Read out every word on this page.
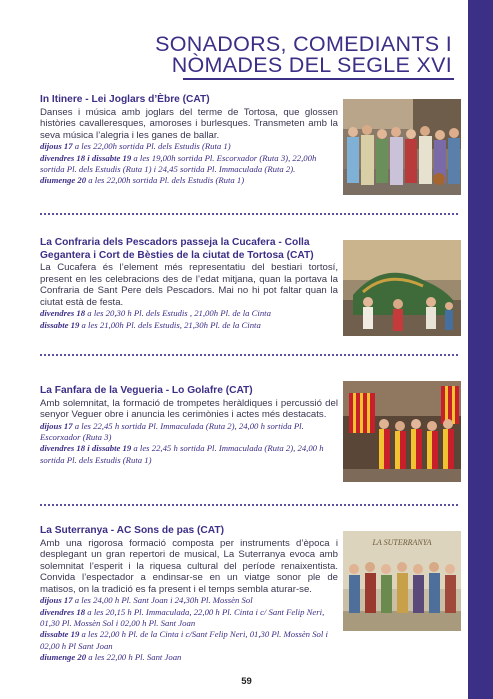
SONADORS, COMEDIANTS I
NÒMADES DEL SEGLE XVI
In Itinere - Lei Joglars d’Èbre (CAT)
Danses i música amb joglars del terme de Tortosa, que glossen històries cavalleresques, amoroses i burlesques. Transmeten amb la seva música l’alegria i les ganes de ballar.
dijous 17 a les 22,00h sortida Pl. dels Estudis (Ruta 1)
divendres 18 i dissabte 19 a les 19,00h sortida Pl. Escorxador (Ruta 3), 22,00h sortida Pl. dels Estudis (Ruta 1) i 24,45 sortida Pl. Immaculada (Ruta 2).
diumenge 20 a les 22,00h sortida Pl. dels Estudis (Ruta 1)
La Confraria dels Pescadors passeja la Cucafera - Colla Gegantera i Cort de Bèsties de la ciutat de Tortosa (CAT)
La Cucafera és l’element més representatiu del bestiari tortosí, present en les celebracions des de l’edat mitjana, quan la portava la Confraria de Sant Pere dels Pescadors. Mai no hi pot faltar quan la ciutat està de festa.
divendres 18 a les 20,30 h Pl. dels Estudis , 21,00h Pl. de la Cinta
dissabte 19 a les 21,00h Pl. dels Estudis, 21,30h Pl. de la Cinta
La Fanfara de la Vegueria - Lo Golafre (CAT)
Amb solemnitat, la formació de trompetes heràldiques i percussió del senyor Veguer obre i anuncia les cerimònies i actes més destacats.
dijous 17 a les 22,45 h sortida Pl. Immaculada (Ruta 2), 24,00 h sortida Pl. Escorxador (Ruta 3)
divendres 18 i dissabte 19 a les 22,45 h sortida Pl. Immaculada (Ruta 2), 24,00 h sortida Pl. dels Estudis (Ruta 1)
La Suterranya - AC Sons de pas (CAT)
Amb una rigorosa formació composta per instruments d’època i desplegant un gran repertori de musical, La Suterranya evoca amb solemnitat l’esperit i la riquesa cultural del període renaixentista. Convida l’espectador a endinsar-se en un viatge sonor ple de matisos, on la tradició es fa present i el temps sembla aturar-se.
dijous 17 a les 24,00 h Pl. Sant Joan i 24,30h Pl. Mossèn Sol
divendres 18 a les 20,15 h Pl. Immaculada, 22,00 h Pl. Cinta i c/ Sant Felip Neri, 01,30 Pl. Mossèn Sol i 02,00 h Pl. Sant Joan
dissabte 19 a les 22,00 h Pl. de la Cinta i c/Sant Felip Neri, 01,30 Pl. Mossèn Sol i 02,00 h Pl Sant Joan
diumenge 20 a les 22,00 h Pl. Sant Joan
LA SUTERRANYA
59
